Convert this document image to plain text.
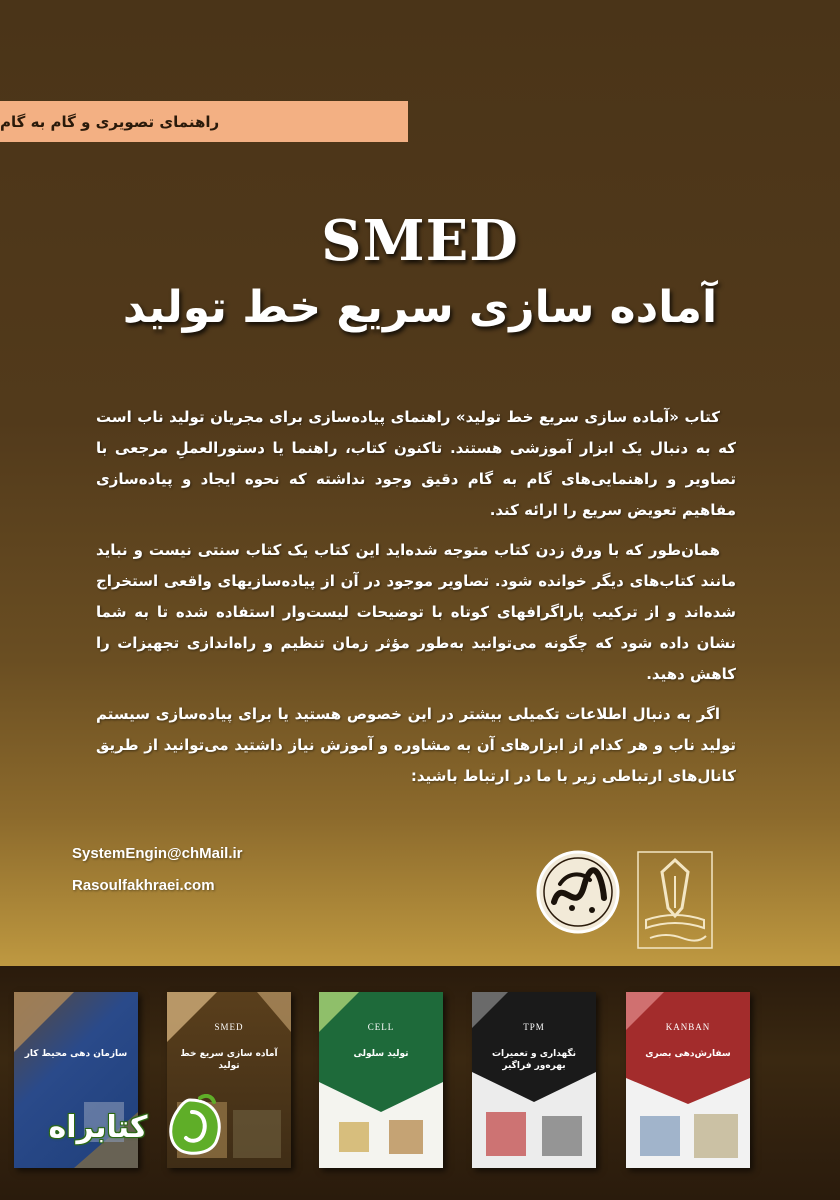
راهنمای تصویری و گام به گام
SMED
آماده سازی سریع خط تولید

کتاب «آماده سازی سریع خط تولید» راهنمای پیاده‌سازی برای مجریان تولید ناب است که به دنبال یک ابزار آموزشی هستند. تاکنون کتاب، راهنما یا دستورالعملِ مرجعی با تصاویر و راهنمایی‌های گام به گام دقیق وجود نداشته که نحوه ایجاد و پیاده‌سازی مفاهیم تعویض سریع را ارائه کند.

همان‌طور که با ورق زدن کتاب متوجه شده‌اید این کتاب یک کتاب سنتی نیست و نباید مانند کتاب‌های دیگر خوانده شود. تصاویر موجود در آن از پیاده‌سازیهای واقعی استخراج شده‌اند و از ترکیب پاراگرافهای کوتاه با توضیحات لیست‌وار استفاده شده تا به شما نشان داده شود که چگونه می‌توانید به‌طور مؤثر زمان تنظیم و راه‌اندازی تجهیزات را کاهش دهید.

اگر به دنبال اطلاعات تکمیلی بیشتر در این خصوص هستید یا برای پیاده‌سازی سیستم تولید ناب و هر کدام از ابزارهای آن به مشاوره و آموزش نیاز داشتید می‌توانید از طریق کانال‌های ارتباطی زیر با ما در ارتباط باشید:

SystemEngin@chMail.ir
Rasoulfakhraei.com
سازمان دهی محیط کار
SMED
آماده سازی سریع خط تولید
CELL
تولید سلولی
TPM
نگهداری و تعمیرات بهره‌ور فراگیر
KANBAN
سفارش‌دهی بصری
کتابراه
